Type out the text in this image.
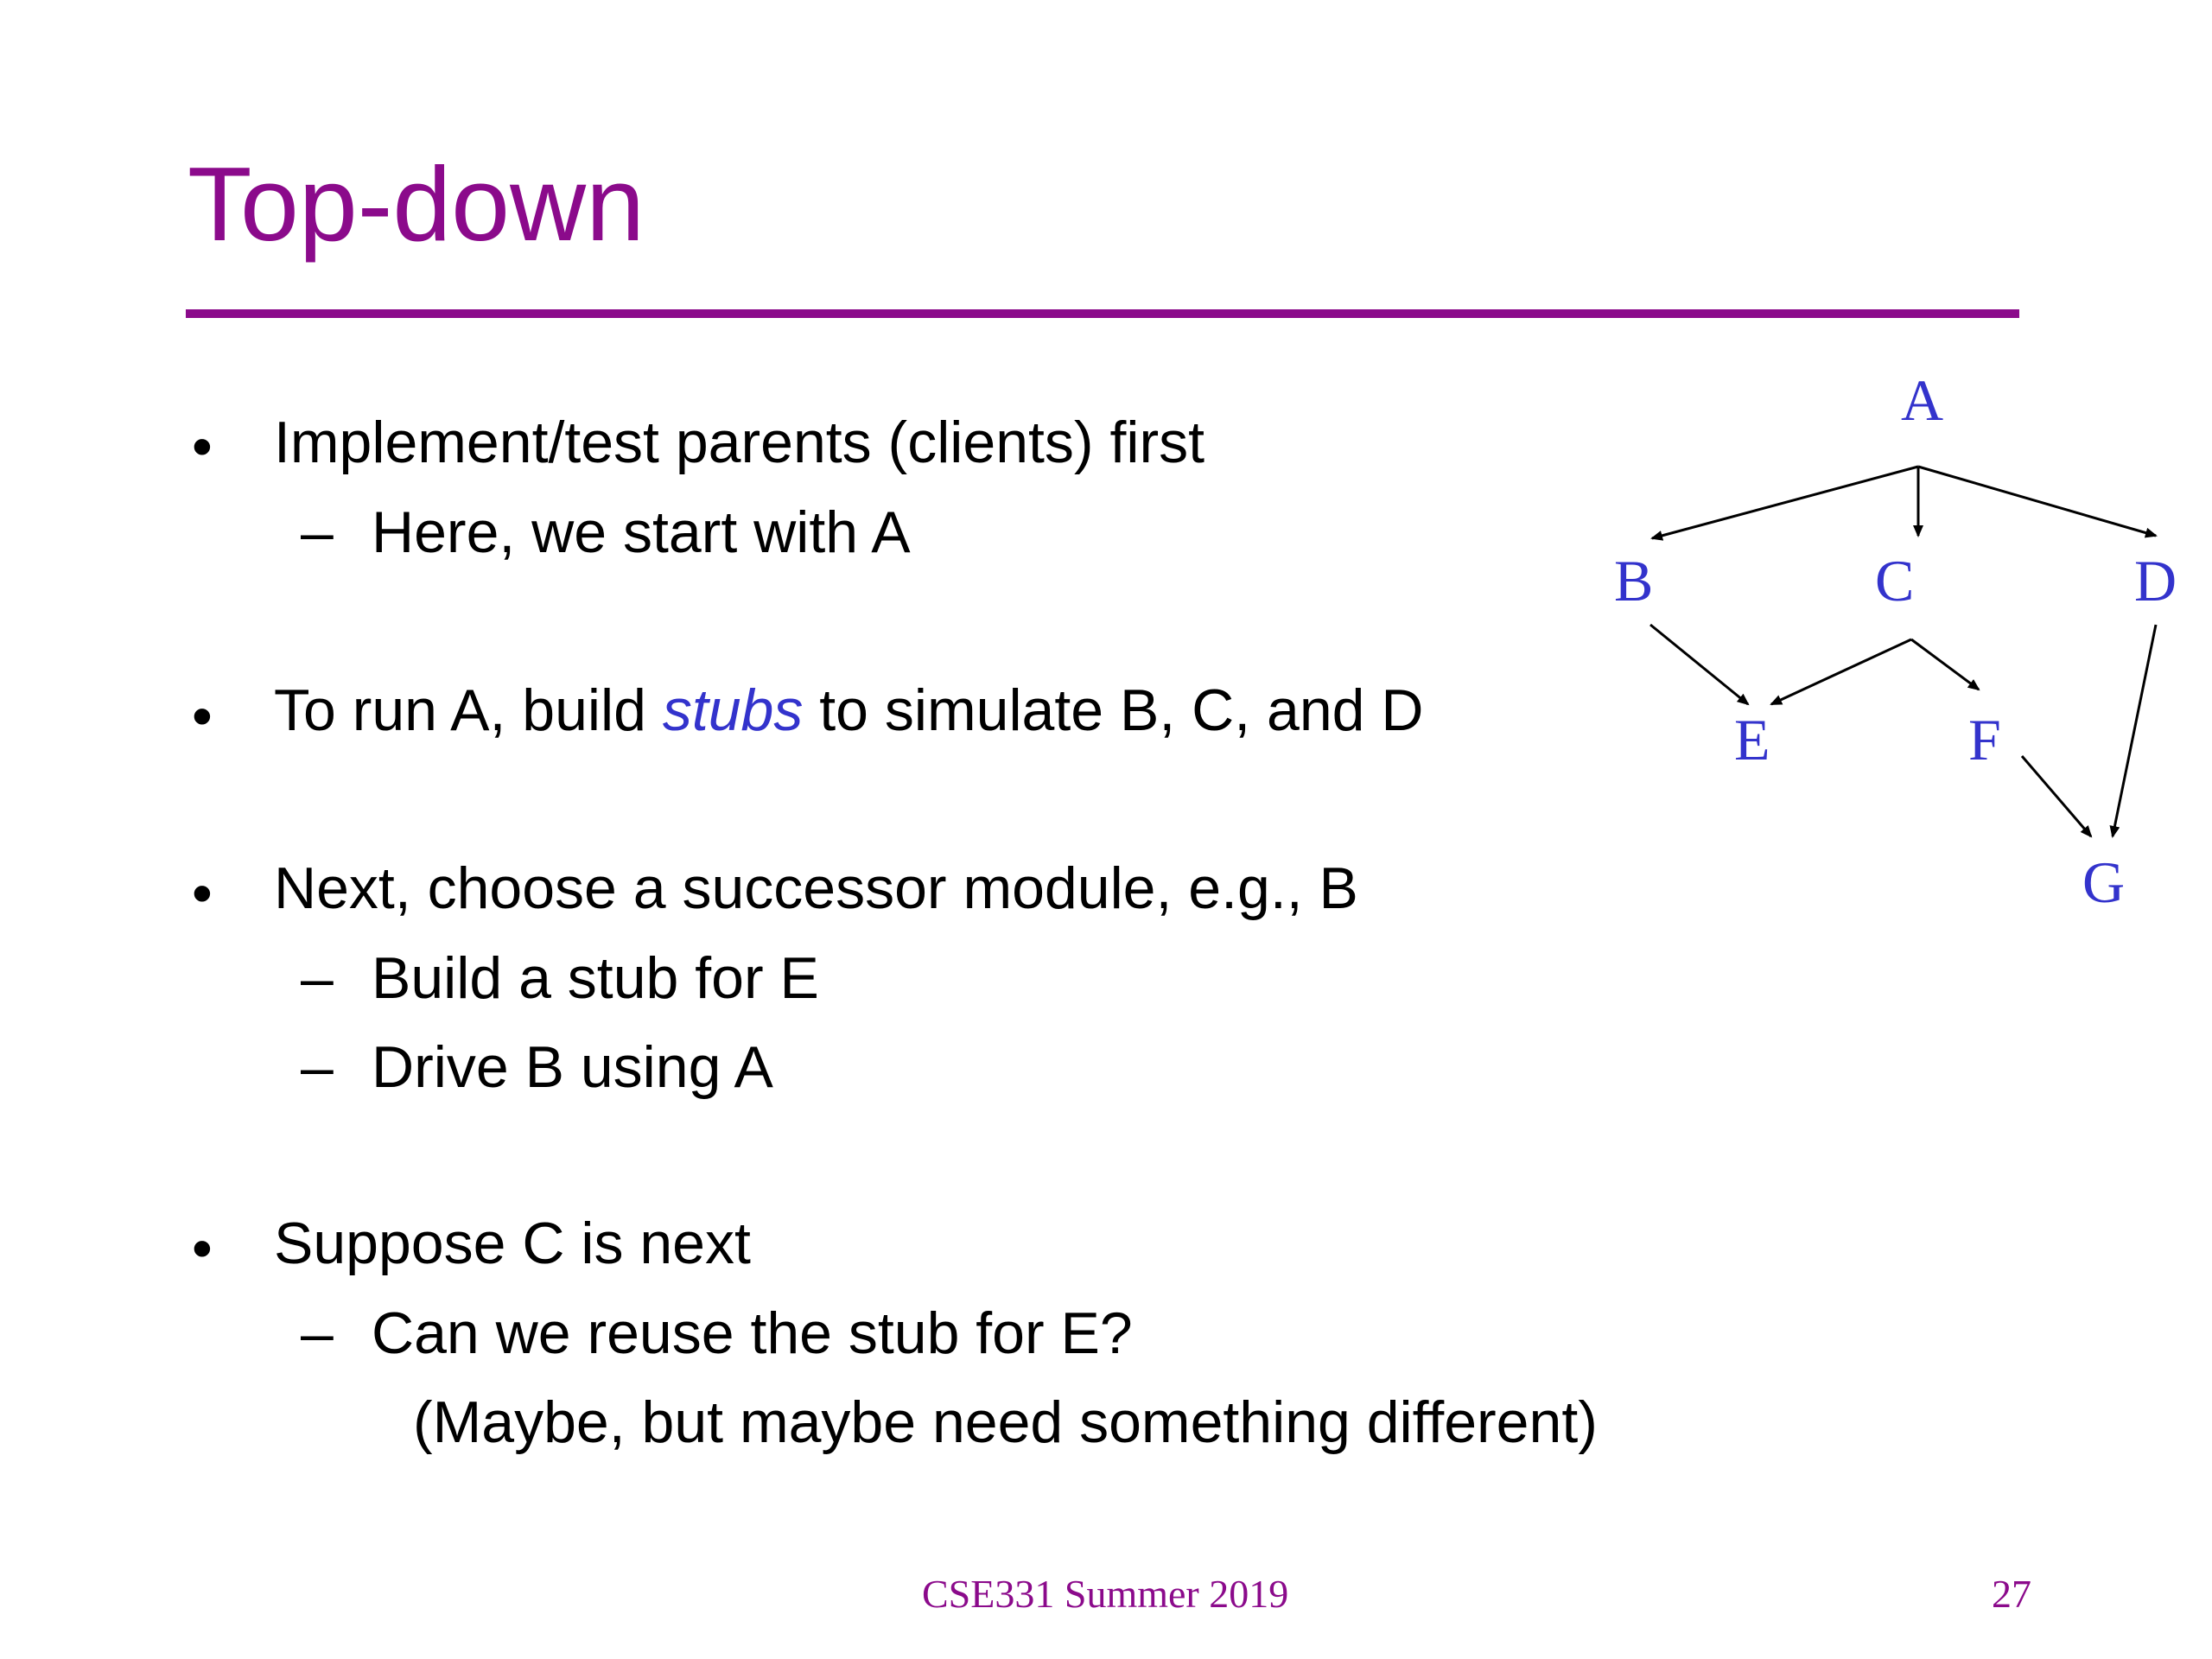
Top-down
• Implement/test parents (clients) first
– Here, we start with A
• To run A, build stubs to simulate B, C, and D
• Next, choose a successor module, e.g., B
– Build a stub for E
– Drive B using A
• Suppose C is next
– Can we reuse the stub for E?
(Maybe, but maybe need something different)
A
B	C	D
E	F
G
CSE331 Summer 2019	27
